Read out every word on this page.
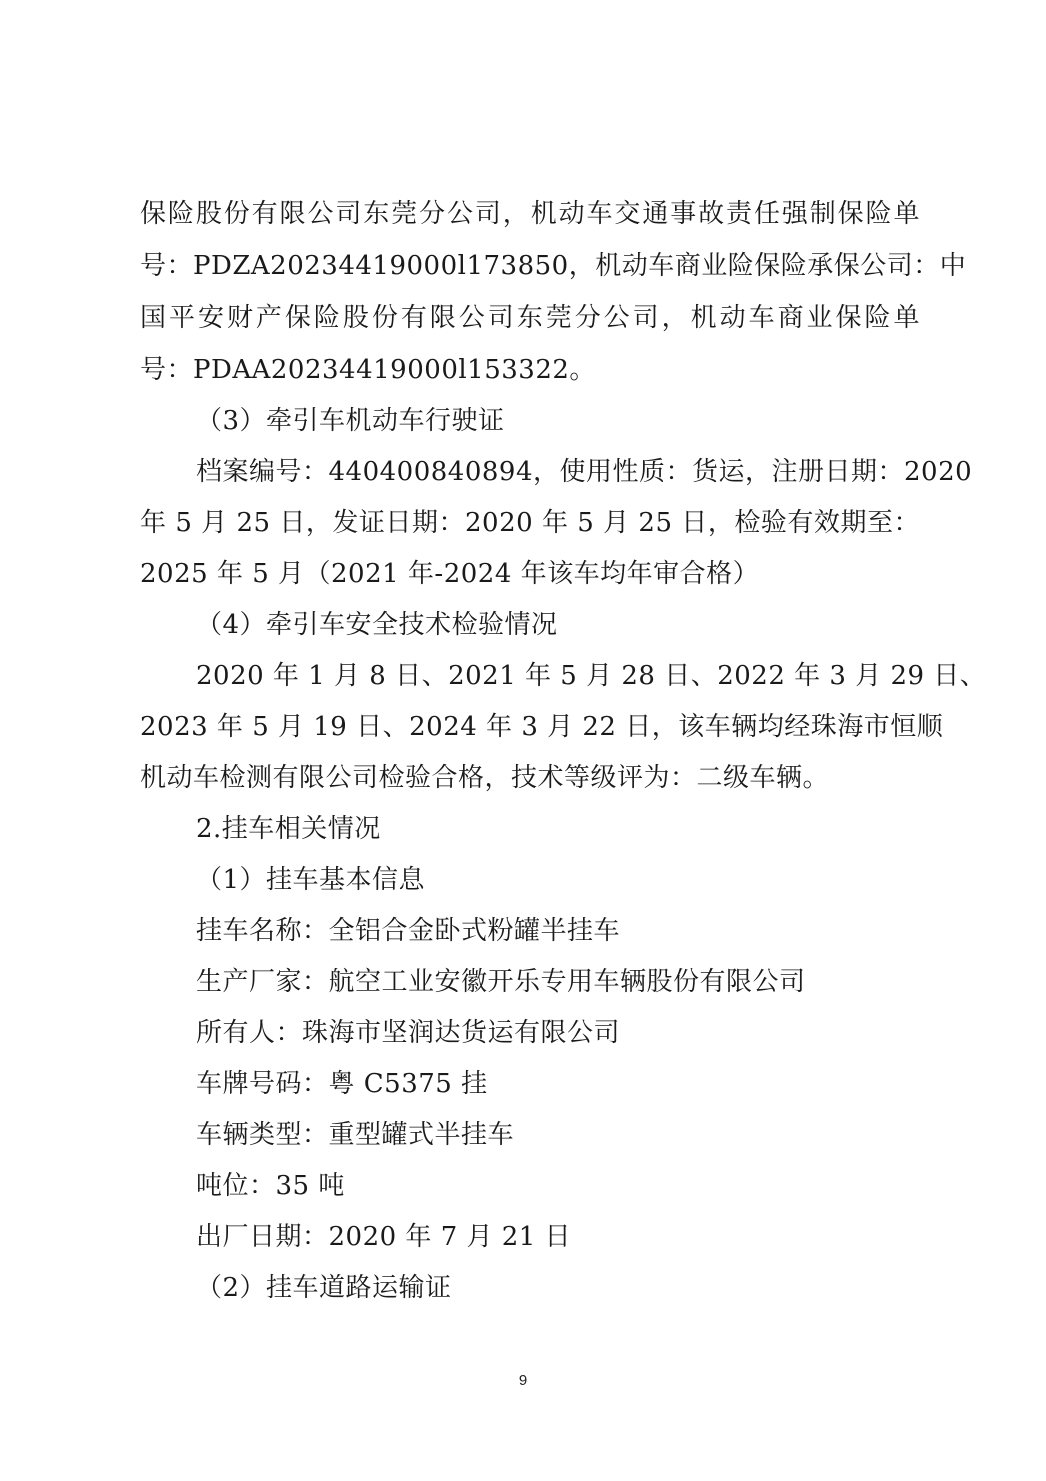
保险股份有限公司东莞分公司，机动车交通事故责任强制保险单
号：PDZA20234419000l173850，机动车商业险保险承保公司：中
国平安财产保险股份有限公司东莞分公司，机动车商业保险单
号：PDAA20234419000l153322。
（3）牵引车机动车行驶证
档案编号：440400840894，使用性质：货运，注册日期：2020
年 5 月 25 日，发证日期：2020 年 5 月 25 日，检验有效期至：
2025 年 5 月（2021 年-2024 年该车均年审合格）
（4）牵引车安全技术检验情况
2020 年 1 月 8 日、2021 年 5 月 28 日、2022 年 3 月 29 日、
2023 年 5 月 19 日、2024 年 3 月 22 日，该车辆均经珠海市恒顺
机动车检测有限公司检验合格，技术等级评为：二级车辆。
2.挂车相关情况
（1）挂车基本信息
挂车名称：全铝合金卧式粉罐半挂车
生产厂家：航空工业安徽开乐专用车辆股份有限公司
所有人：珠海市坚润达货运有限公司
车牌号码：粤 C5375 挂
车辆类型：重型罐式半挂车
吨位：35 吨
出厂日期：2020 年 7 月 21 日
（2）挂车道路运输证
9
